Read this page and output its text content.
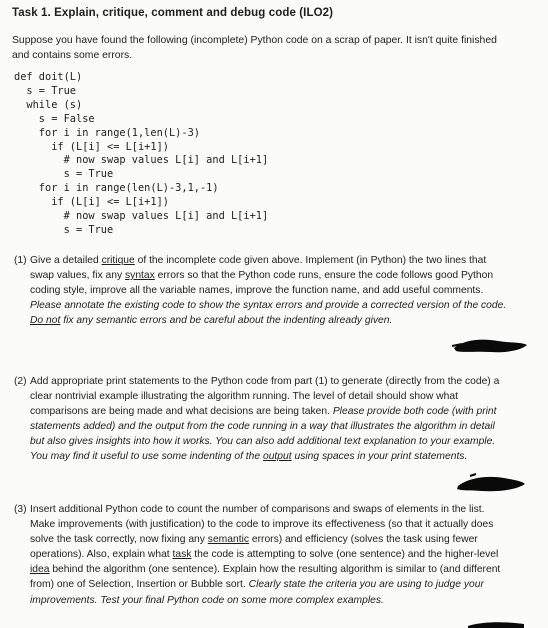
Task 1. Explain, critique, comment and debug code (ILO2)
Suppose you have found the following (incomplete) Python code on a scrap of paper. It isn't quite finished and contains some errors.
def doit(L)
s = True
while (s)
s = False
for i in range(1,len(L)-3)
if (L[i] <= L[i+1])
# now swap values L[i] and L[i+1]
s = True
for i in range(len(L)-3,1,-1)
if (L[i] <= L[i+1])
# now swap values L[i] and L[i+1]
s = True
(1) Give a detailed critique of the incomplete code given above. Implement (in Python) the two lines that swap values, fix any syntax errors so that the Python code runs, ensure the code follows good Python coding style, improve all the variable names, improve the function name, and add useful comments. Please annotate the existing code to show the syntax errors and provide a corrected version of the code. Do not fix any semantic errors and be careful about the indenting already given.
(2) Add appropriate print statements to the Python code from part (1) to generate (directly from the code) a clear nontrivial example illustrating the algorithm running. The level of detail should show what comparisons are being made and what decisions are being taken. Please provide both code (with print statements added) and the output from the code running in a way that illustrates the algorithm in detail but also gives insights into how it works. You can also add additional text explanation to your example. You may find it useful to use some indenting of the output using spaces in your print statements.
(3) Insert additional Python code to count the number of comparisons and swaps of elements in the list. Make improvements (with justification) to the code to improve its effectiveness (so that it actually does solve the task correctly, now fixing any semantic errors) and efficiency (solves the task using fewer operations). Also, explain what task the code is attempting to solve (one sentence) and the higher-level idea behind the algorithm (one sentence). Explain how the resulting algorithm is similar to (and different from) one of Selection, Insertion or Bubble sort. Clearly state the criteria you are using to judge your improvements. Test your final Python code on some more complex examples.
